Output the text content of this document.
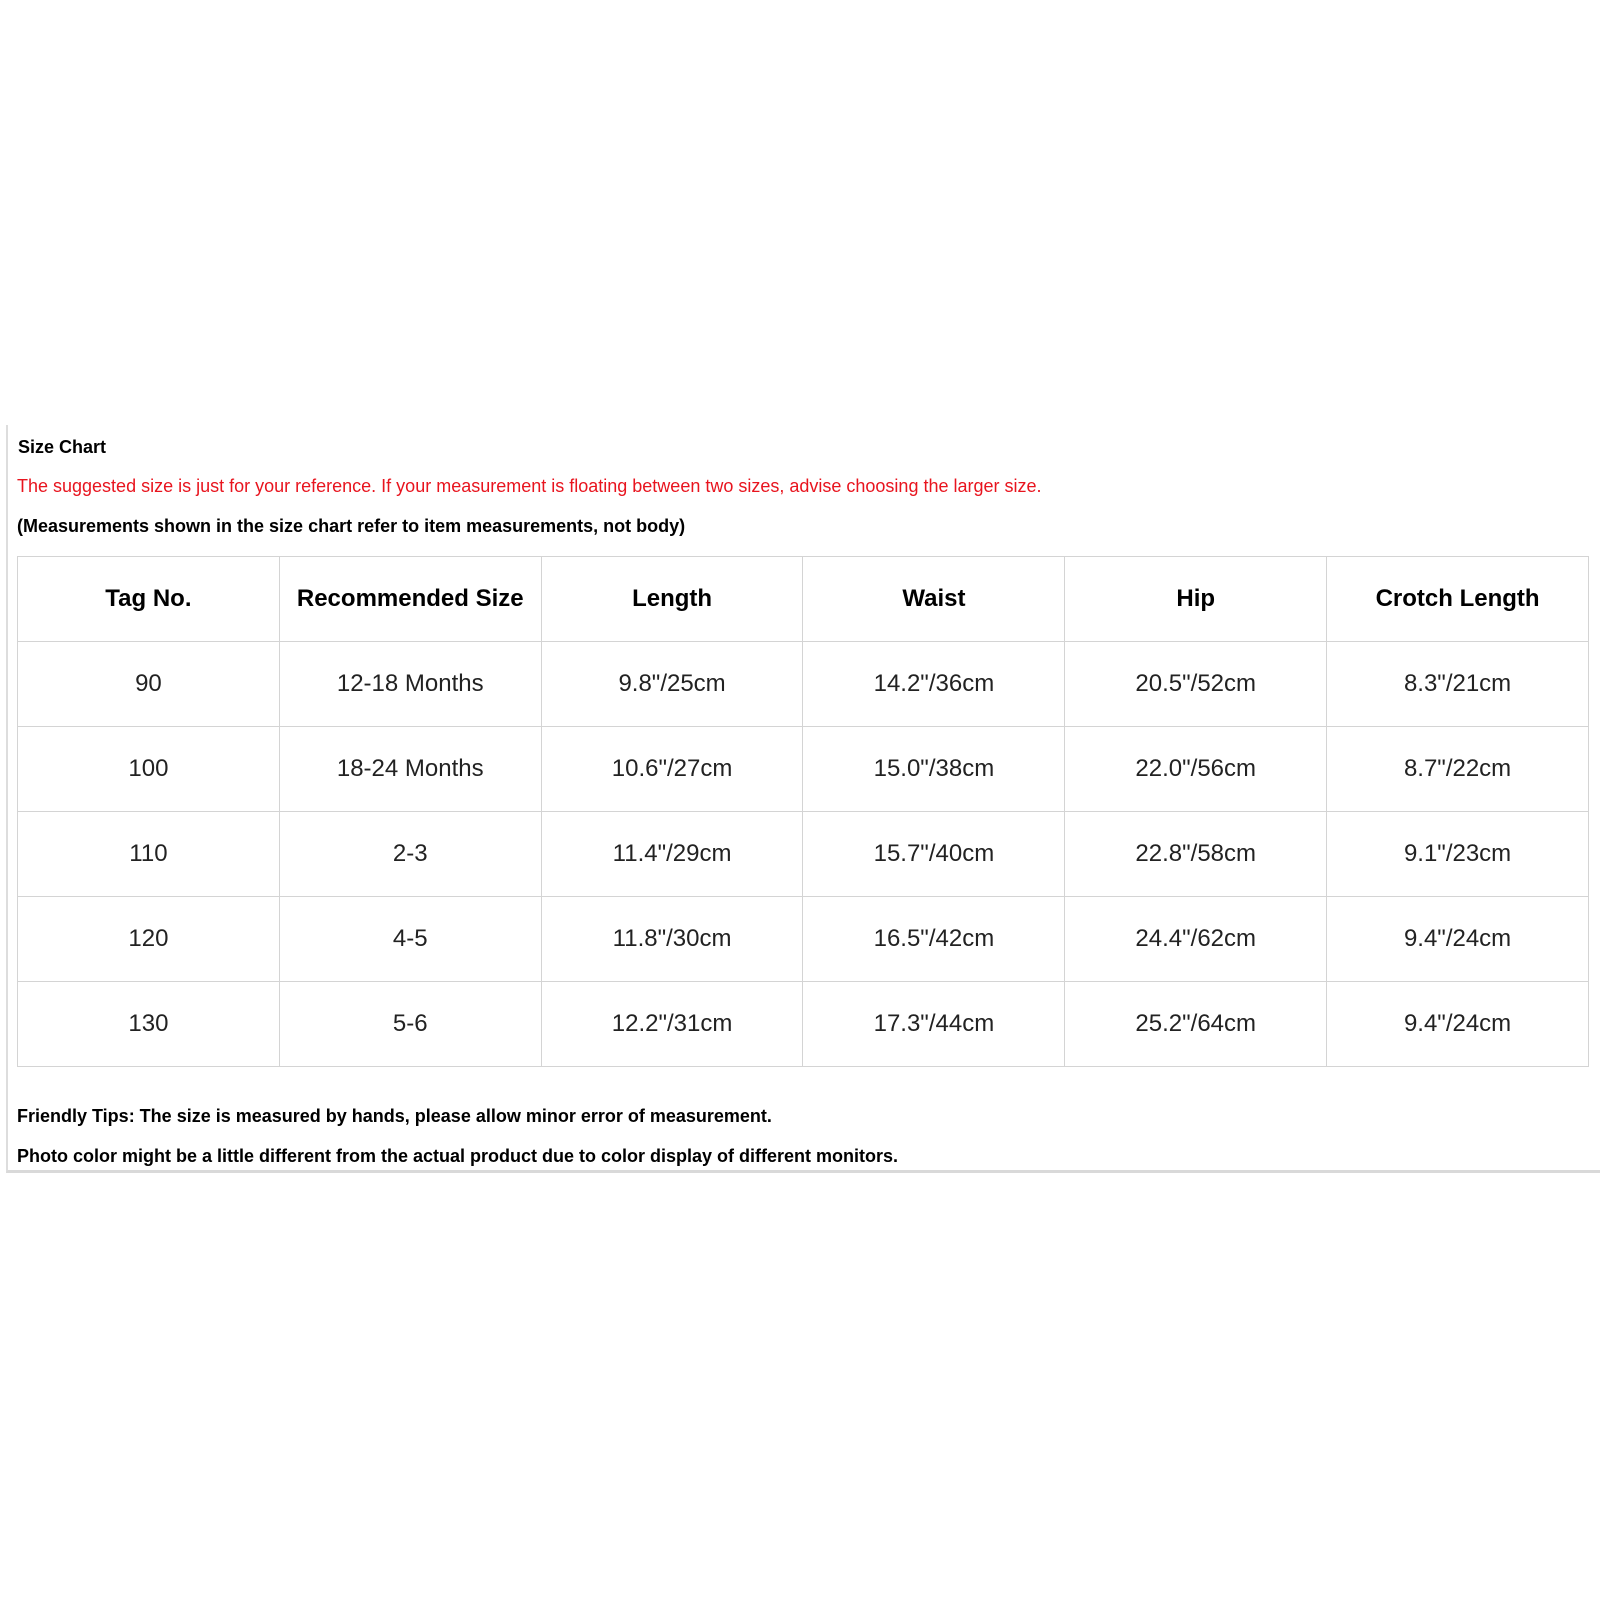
Size Chart
The suggested size is just for your reference. If your measurement is floating between two sizes, advise choosing the larger size.
(Measurements shown in the size chart refer to item measurements, not body)
Tag No.	Recommended Size	Length	Waist	Hip	Crotch Length
90	12-18 Months	9.8"/25cm	14.2"/36cm	20.5"/52cm	8.3"/21cm
100	18-24 Months	10.6"/27cm	15.0"/38cm	22.0"/56cm	8.7"/22cm
110	2-3	11.4"/29cm	15.7"/40cm	22.8"/58cm	9.1"/23cm
120	4-5	11.8"/30cm	16.5"/42cm	24.4"/62cm	9.4"/24cm
130	5-6	12.2"/31cm	17.3"/44cm	25.2"/64cm	9.4"/24cm
Friendly Tips: The size is measured by hands, please allow minor error of measurement.
Photo color might be a little different from the actual product due to color display of different monitors.
